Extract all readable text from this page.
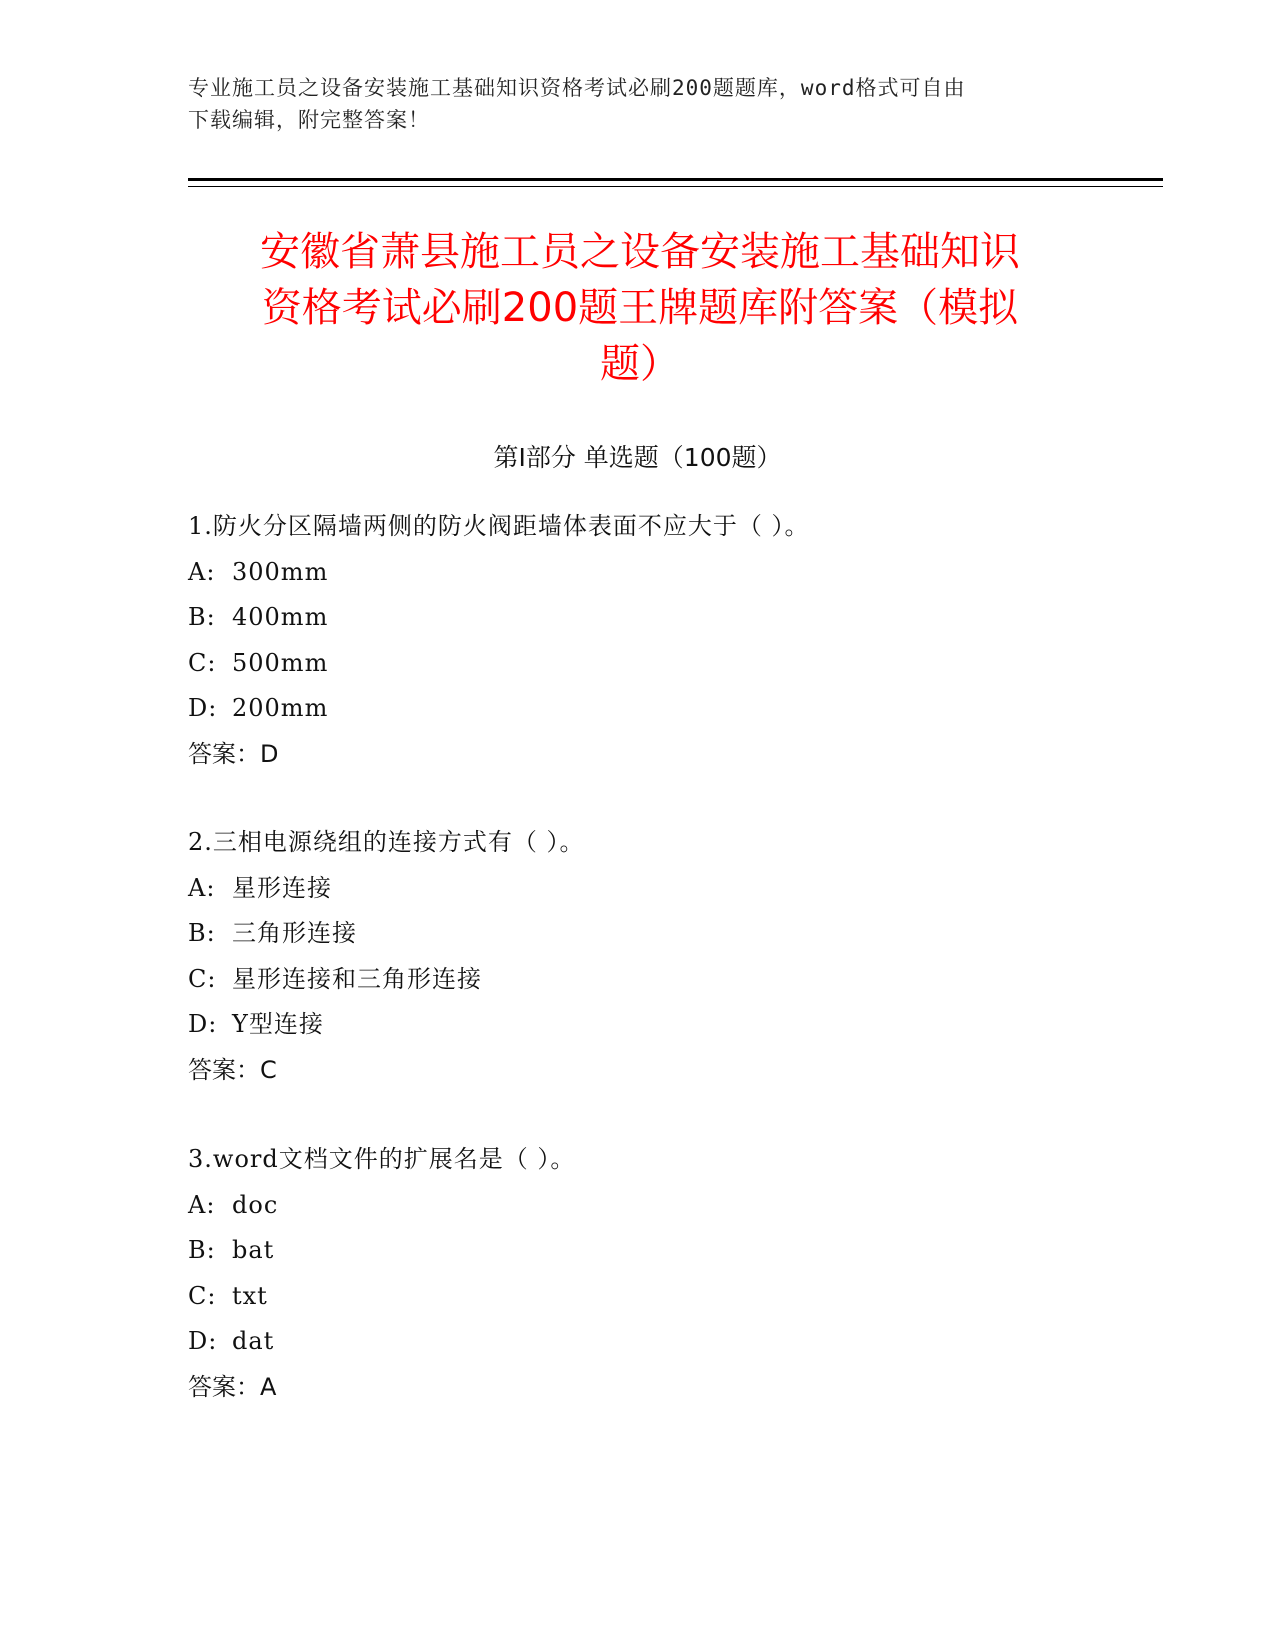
专业施工员之设备安装施工基础知识资格考试必刷200题题库，word格式可自由
下载编辑，附完整答案！
安徽省萧县施工员之设备安装施工基础知识
资格考试必刷200题王牌题库附答案（模拟
题）
第Ⅰ部分 单选题（100题）
1.防火分区隔墙两侧的防火阀距墙体表面不应大于（ ）。
A: 300mm
B: 400mm
C: 500mm
D: 200mm
答案：D
2.三相电源绕组的连接方式有（ ）。
A: 星形连接
B: 三角形连接
C: 星形连接和三角形连接
D: Y型连接
答案：C
3.word文档文件的扩展名是（ ）。
A: doc
B: bat
C: txt
D: dat
答案：A
